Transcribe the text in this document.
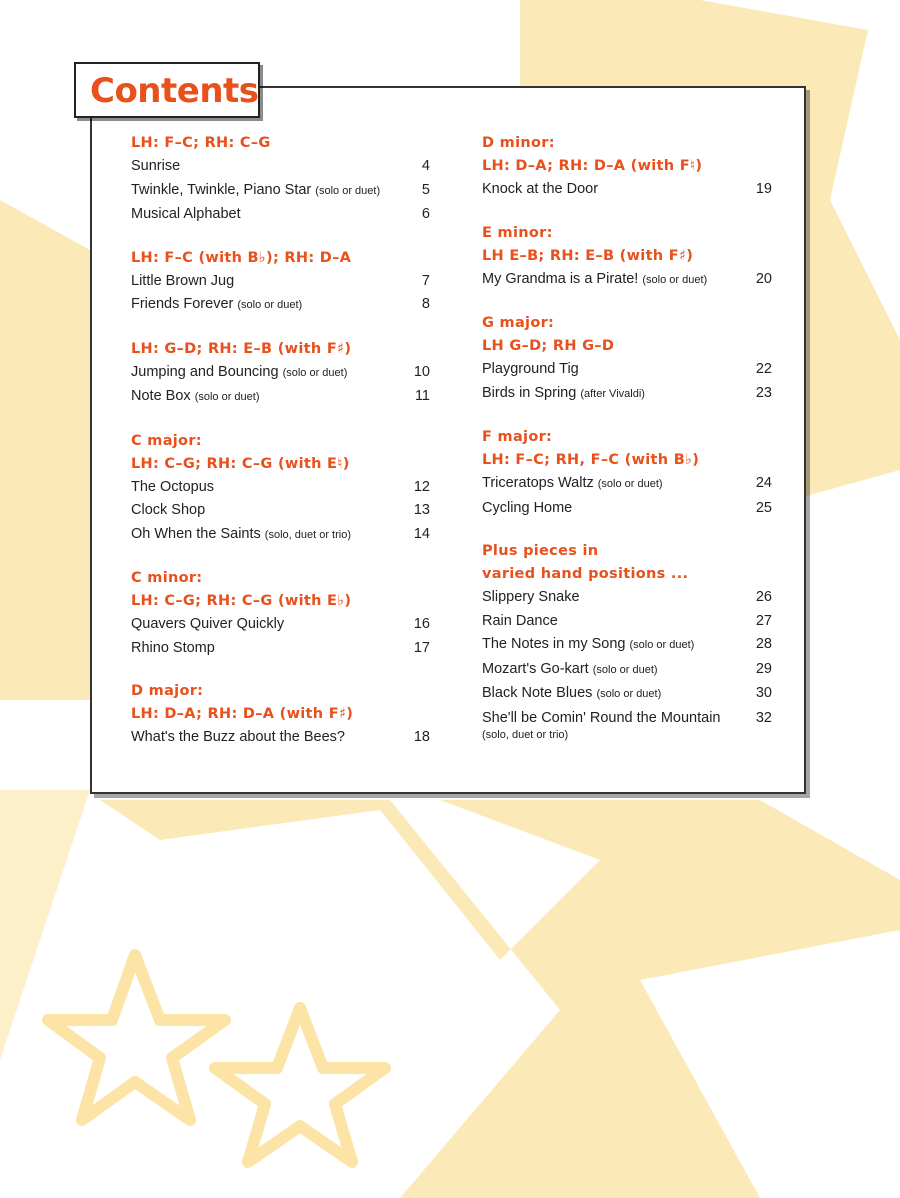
Contents
LH: F–C; RH: C–G
Sunrise	4
Twinkle, Twinkle, Piano Star (solo or duet)	5
Musical Alphabet	6
LH: F–C (with B♭); RH: D–A
Little Brown Jug	7
Friends Forever (solo or duet)	8
LH: G–D; RH: E–B (with F♯)
Jumping and Bouncing (solo or duet)	10
Note Box (solo or duet)	11
C major:
LH: C–G; RH: C–G (with E♮)
The Octopus	12
Clock Shop	13
Oh When the Saints (solo, duet or trio)	14
C minor:
LH: C–G; RH: C–G (with E♭)
Quavers Quiver Quickly	16
Rhino Stomp	17
D major:
LH: D–A; RH: D–A (with F♯)
What's the Buzz about the Bees?	18
D minor:
LH: D–A; RH: D–A (with F♮)
Knock at the Door	19
E minor:
LH E–B; RH: E–B (with F♯)
My Grandma is a Pirate! (solo or duet)	20
G major:
LH G–D; RH G–D
Playground Tig	22
Birds in Spring (after Vivaldi)	23
F major:
LH: F–C; RH, F–C (with B♭)
Triceratops Waltz (solo or duet)	24
Cycling Home	25
Plus pieces in
varied hand positions ...
Slippery Snake	26
Rain Dance	27
The Notes in my Song (solo or duet)	28
Mozart's Go-kart (solo or duet)	29
Black Note Blues (solo or duet)	30
She'll be Comin' Round the Mountain
(solo, duet or trio)
32
